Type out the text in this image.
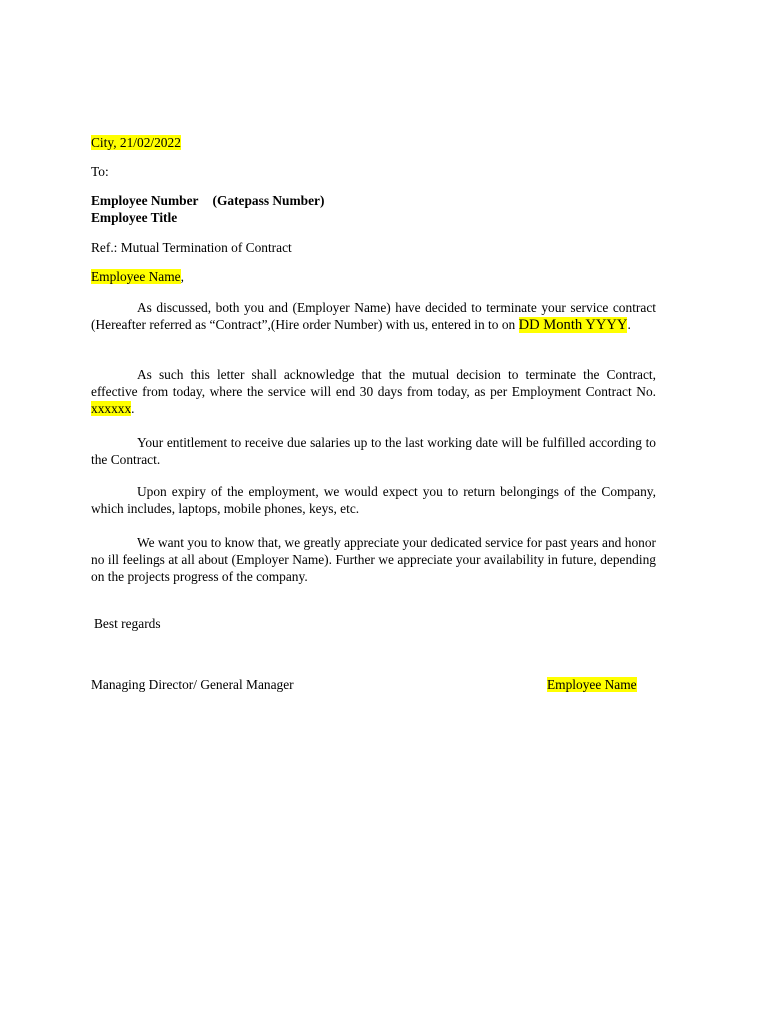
City, 21/02/2022
To:
Employee Number (Gatepass Number)
Employee Title
Ref.: Mutual Termination of Contract
Employee Name,
As discussed, both you and (Employer Name) have decided to terminate your service contract (Hereafter referred as “Contract”,(Hire order Number) with us, entered in to on DD Month YYYY.
As such this letter shall acknowledge that the mutual decision to terminate the Contract, effective from today, where the service will end 30 days from today, as per Employment Contract No. xxxxxx.
Your entitlement to receive due salaries up to the last working date will be fulfilled according to the Contract.
Upon expiry of the employment, we would expect you to return belongings of the Company, which includes, laptops, mobile phones, keys, etc.
We want you to know that, we greatly appreciate your dedicated service for past years and honor no ill feelings at all about (Employer Name). Further we appreciate your availability in future, depending on the projects progress of the company.
Best regards
Managing Director/ General Manager	Employee Name
